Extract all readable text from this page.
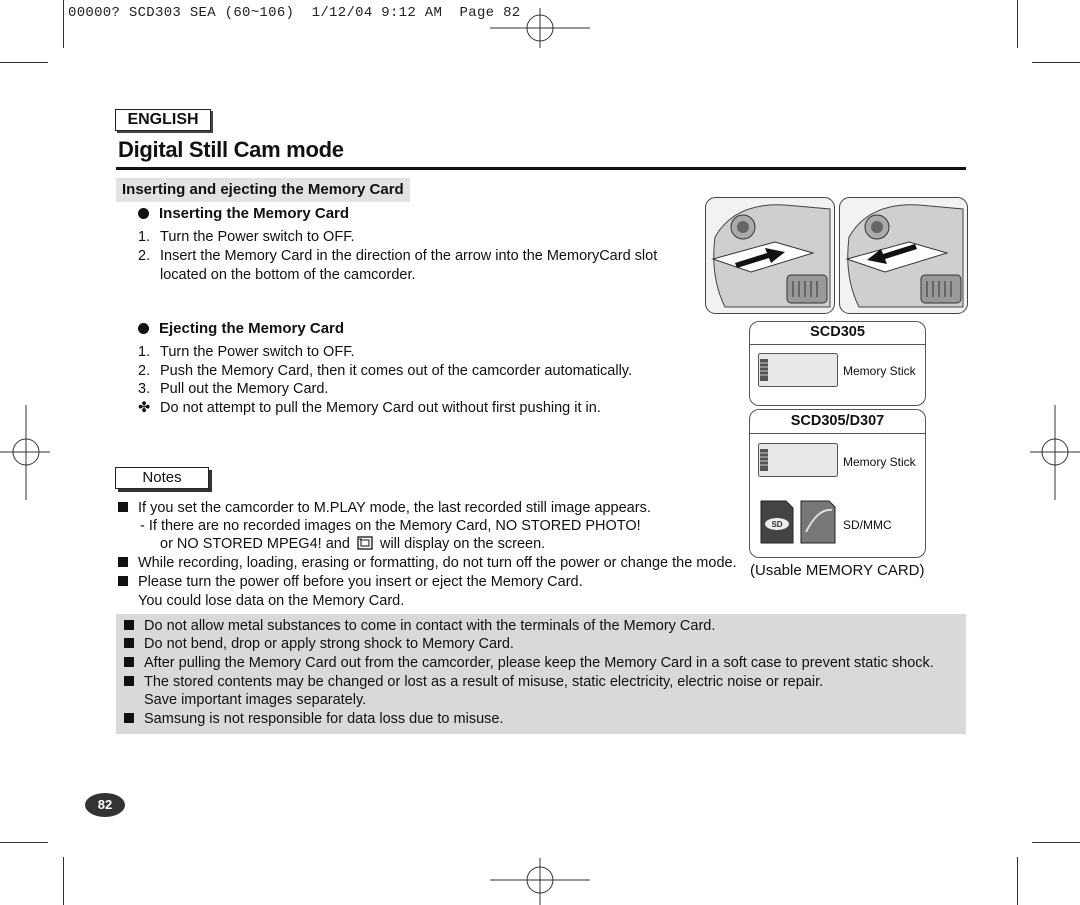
00000? SCD303 SEA (60~106)  1/12/04 9:12 AM  Page 82
ENGLISH
Digital Still Cam mode
Inserting and ejecting the Memory Card
Inserting the Memory Card
1. Turn the Power switch to OFF.
2. Insert the Memory Card in the direction of the arrow into the MemoryCard slot
located on the bottom of the camcorder.
Ejecting the Memory Card
1. Turn the Power switch to OFF.
2. Push the Memory Card, then it comes out of the camcorder automatically.
3. Pull out the Memory Card.
✤ Do not attempt to pull the Memory Card out without first pushing it in.
Notes
If you set the camcorder to M.PLAY mode, the last recorded still image appears.
- If there are no recorded images on the Memory Card, NO STORED PHOTO!
or NO STORED MPEG4! and will display on the screen.
While recording, loading, erasing or formatting, do not turn off the power or change the mode.
Please turn the power off before you insert or eject the Memory Card.
You could lose data on the Memory Card.
Do not allow metal substances to come in contact with the terminals of the Memory Card.
Do not bend, drop or apply strong shock to Memory Card.
After pulling the Memory Card out from the camcorder, please keep the Memory Card in a soft case to prevent static shock.
The stored contents may be changed or lost as a result of misuse, static electricity, electric noise or repair.
Save important images separately.
Samsung is not responsible for data loss due to misuse.
SCD305
Memory Stick
SCD305/D307
Memory Stick
SD	SD/MMC
(Usable MEMORY CARD)
82
